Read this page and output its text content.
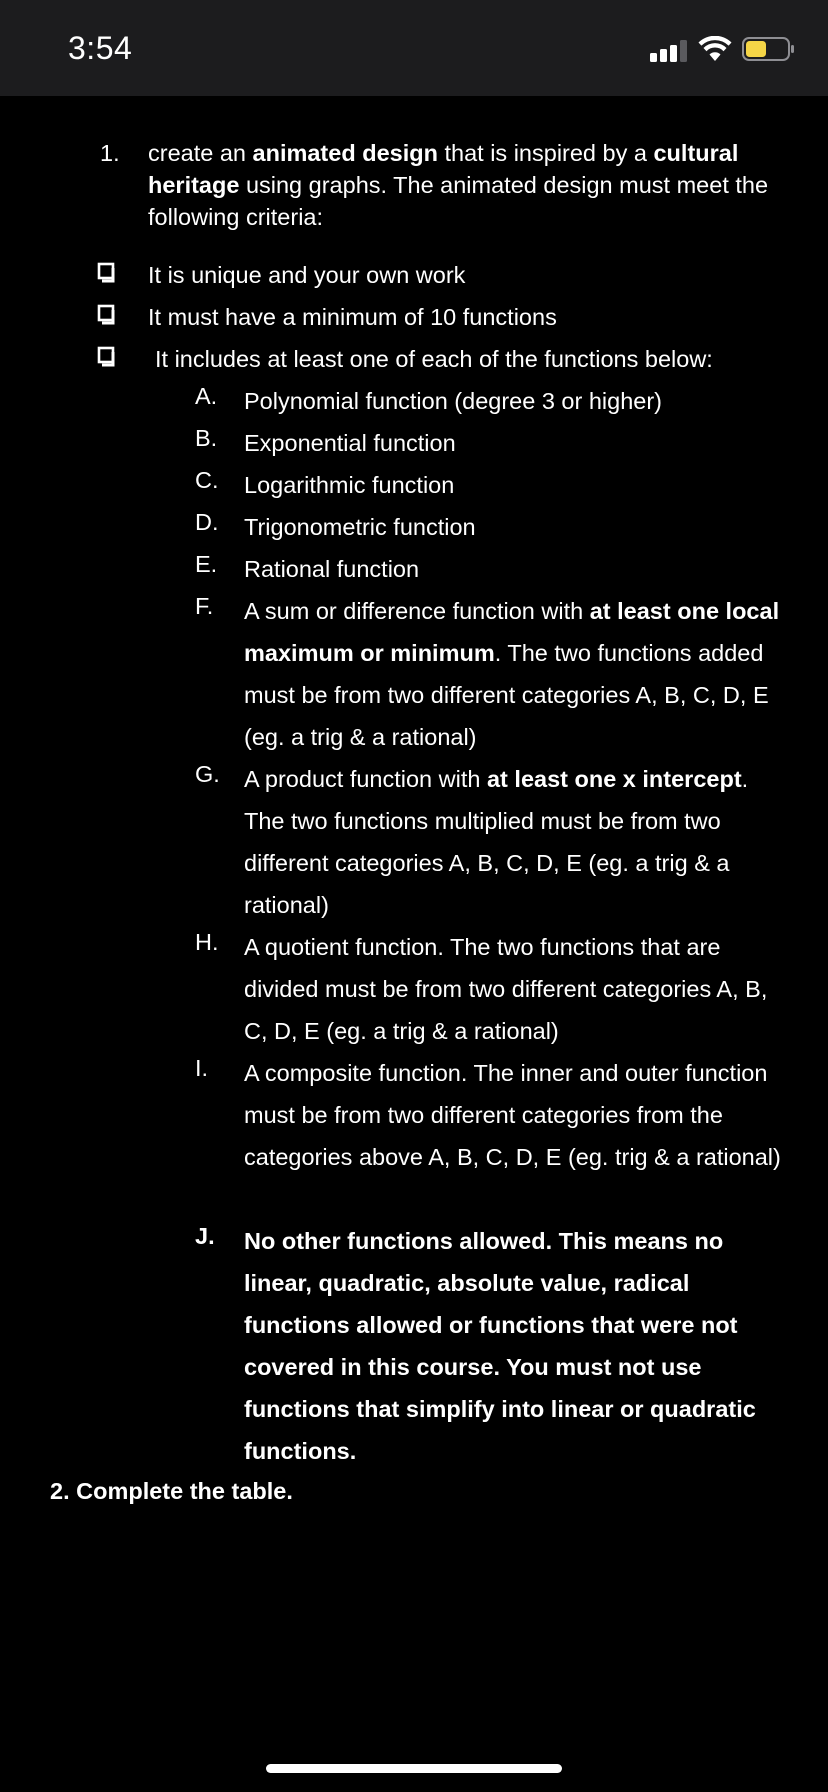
3:54
1. create an animated design that is inspired by a cultural heritage using graphs. The animated design must meet the following criteria:
It is unique and your own work
It must have a minimum of 10 functions
It includes at least one of each of the functions below:
A. Polynomial function (degree 3 or higher)
B. Exponential function
C. Logarithmic function
D. Trigonometric function
E. Rational function
F. A sum or difference function with at least one local maximum or minimum. The two functions added must be from two different categories A, B, C, D, E (eg. a trig & a rational)
G. A product function with at least one x intercept. The two functions multiplied must be from two different categories A, B, C, D, E (eg. a trig & a rational)
H. A quotient function. The two functions that are divided must be from two different categories A, B, C, D, E (eg. a trig & a rational)
I. A composite function. The inner and outer function must be from two different categories from the categories above A, B, C, D, E (eg. trig & a rational)
J. No other functions allowed. This means no linear, quadratic, absolute value, radical functions allowed or functions that were not covered in this course. You must not use functions that simplify into linear or quadratic functions.
2. Complete the table.
